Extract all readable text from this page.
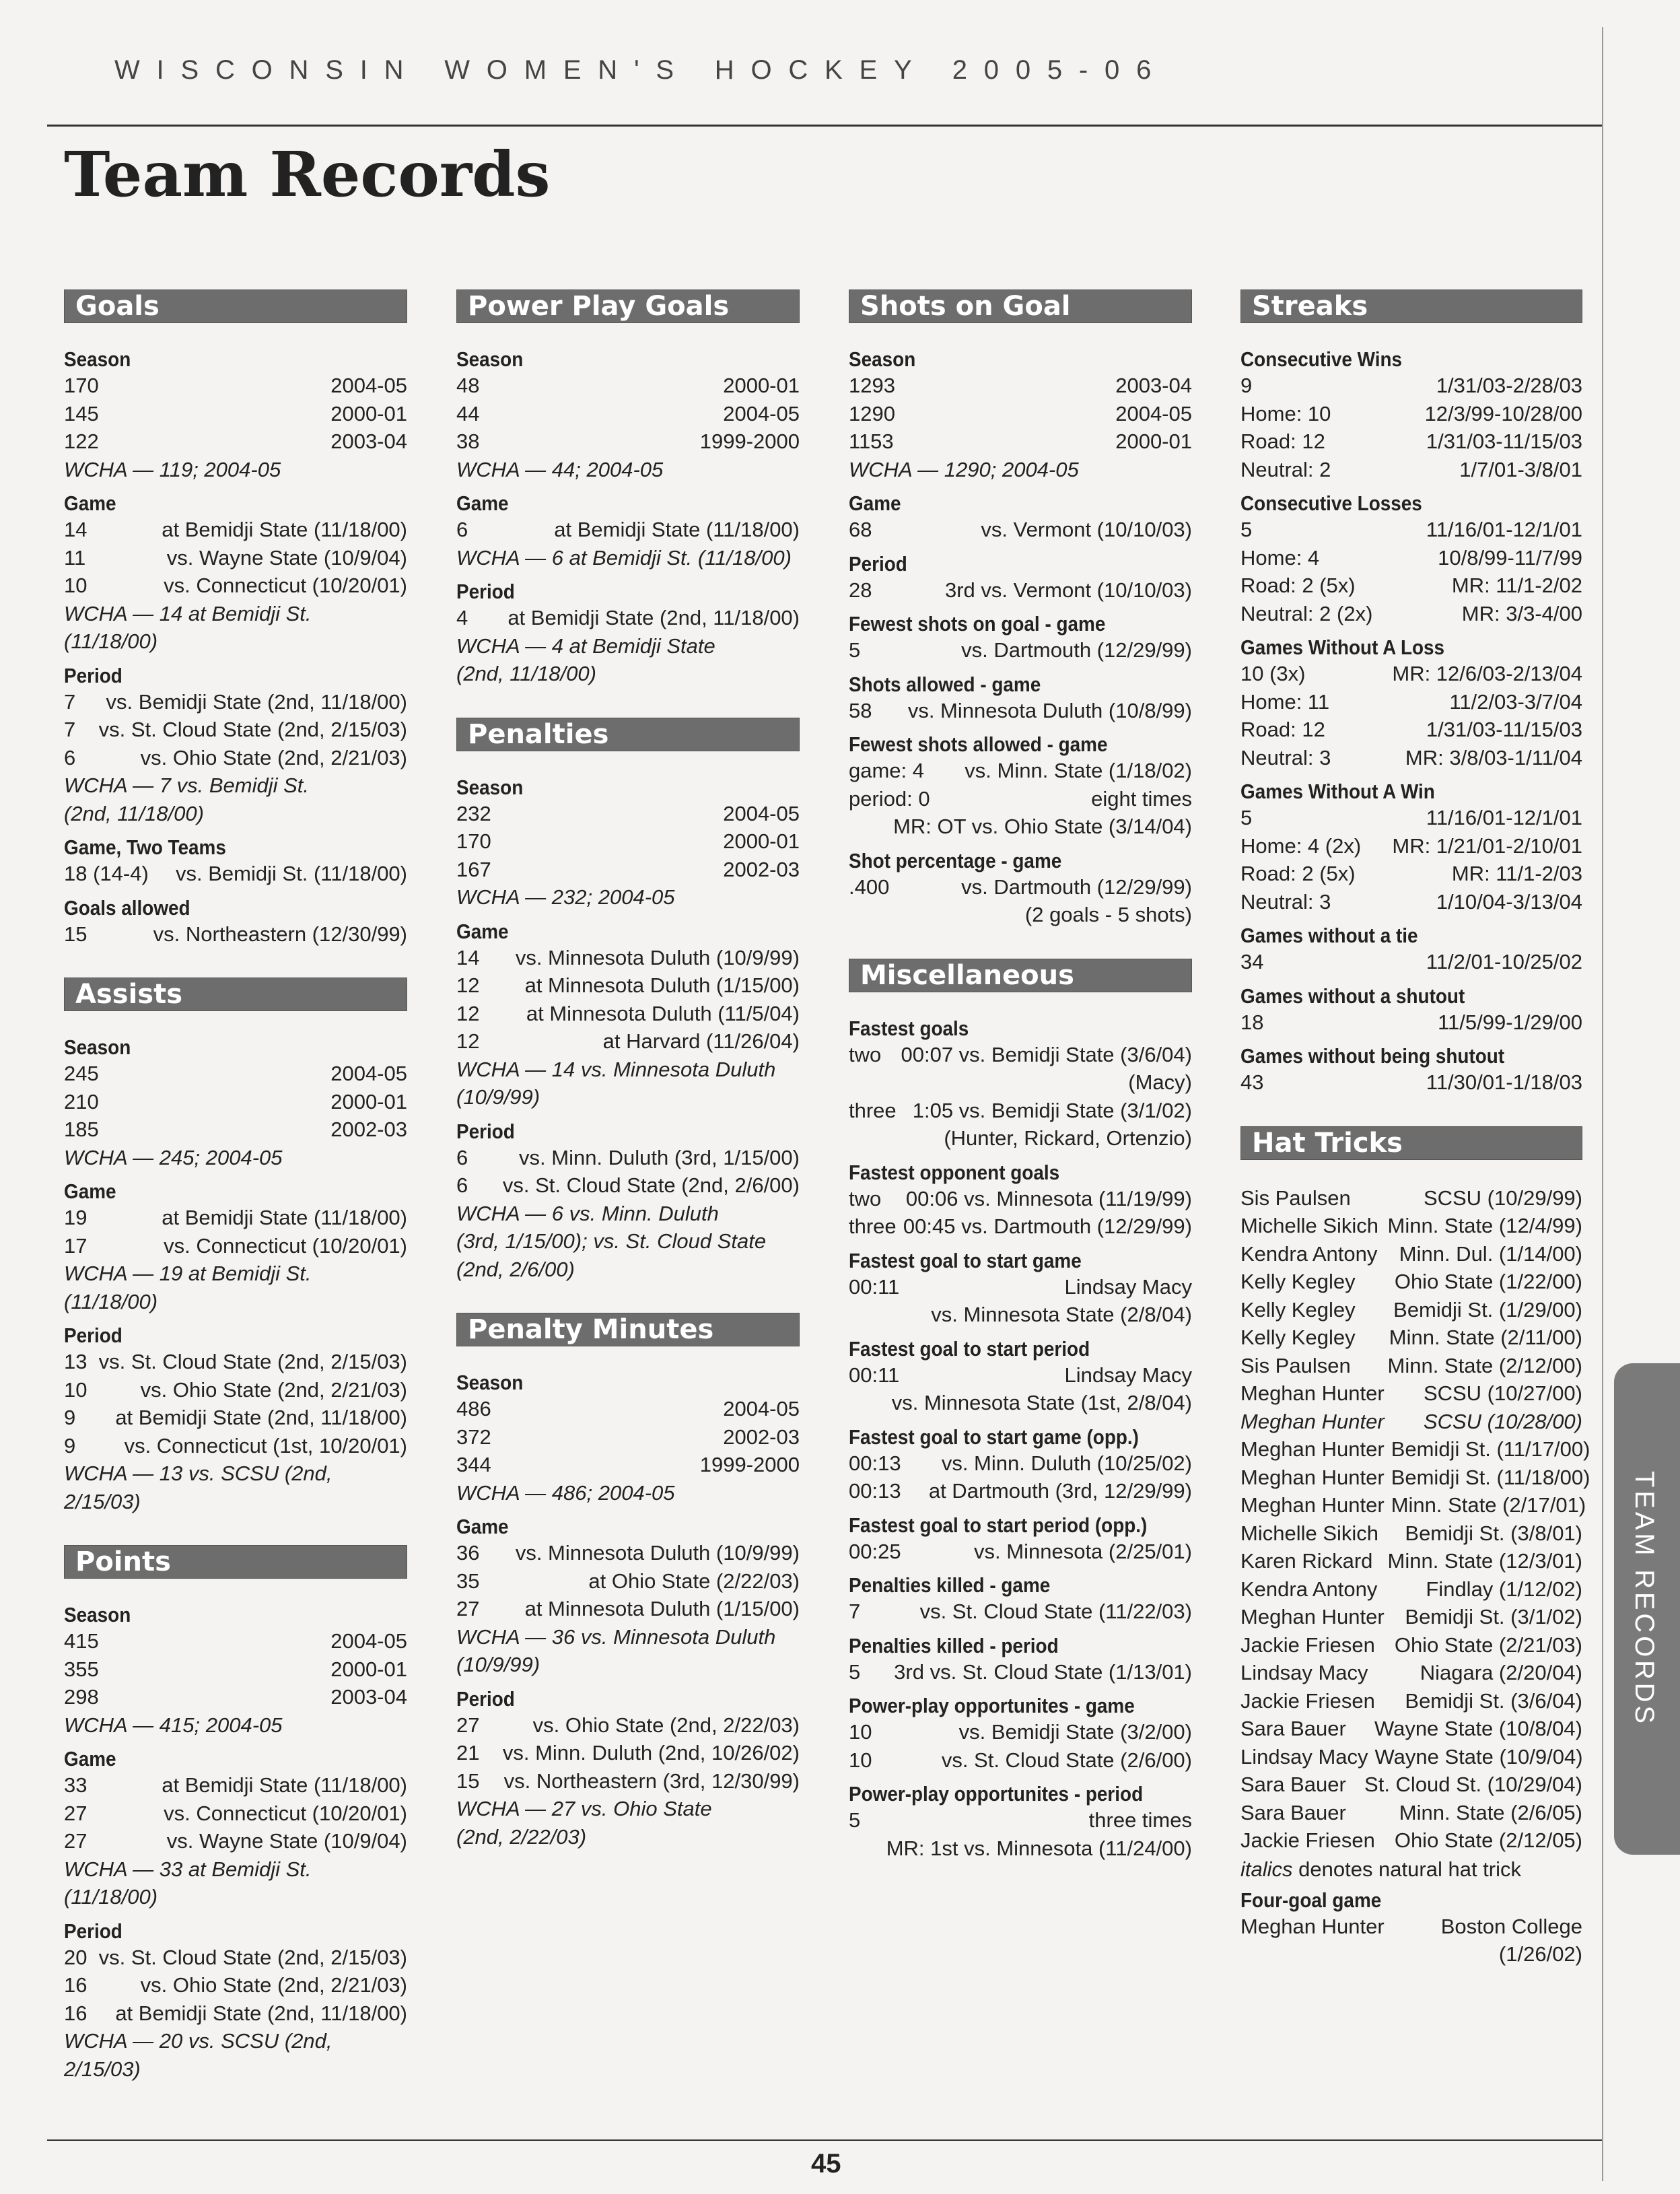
WISCONSIN WOMEN'S HOCKEY 2005-06
Team Records
Goals
Season
170	2004-05
145	2000-01
122	2003-04
WCHA — 119; 2004-05
Game
14	at Bemidji State (11/18/00)
11	vs. Wayne State (10/9/04)
10	vs. Connecticut (10/20/01)
WCHA — 14 at Bemidji St. (11/18/00)
Period
7 vs. Bemidji State (2nd, 11/18/00)
7 vs. St. Cloud State (2nd, 2/15/03)
6	vs. Ohio State (2nd, 2/21/03)
WCHA — 7 vs. Bemidji St.
(2nd, 11/18/00)
Game, Two Teams
18 (14-4) vs. Bemidji St. (11/18/00)
Goals allowed
15	vs. Northeastern (12/30/99)
Assists
Season
245	2004-05
210	2000-01
185	2002-03
WCHA — 245; 2004-05
Game
19	at Bemidji State (11/18/00)
17	vs. Connecticut (10/20/01)
WCHA — 19 at Bemidji St. (11/18/00)
Period
13 vs. St. Cloud State (2nd, 2/15/03)
10	vs. Ohio State (2nd, 2/21/03)
9 at Bemidji State (2nd, 11/18/00)
9 vs. Connecticut (1st, 10/20/01)
WCHA — 13 vs. SCSU (2nd, 2/15/03)
Points
Season
415	2004-05
355	2000-01
298	2003-04
WCHA — 415; 2004-05
Game
33	at Bemidji State (11/18/00)
27	vs. Connecticut (10/20/01)
27	vs. Wayne State (10/9/04)
WCHA — 33 at Bemidji St. (11/18/00)
Period
20 vs. St. Cloud State (2nd, 2/15/03)
16	vs. Ohio State (2nd, 2/21/03)
16 at Bemidji State (2nd, 11/18/00)
WCHA — 20 vs. SCSU (2nd, 2/15/03)
Power Play Goals
Season
48	2000-01
44	2004-05
38	1999-2000
WCHA — 44; 2004-05
Game
6	at Bemidji State (11/18/00)
WCHA — 6 at Bemidji St. (11/18/00)
Period
4 at Bemidji State (2nd, 11/18/00)
WCHA — 4 at Bemidji State
(2nd, 11/18/00)
Penalties
Season
232	2004-05
170	2000-01
167	2002-03
WCHA — 232; 2004-05
Game
14 vs. Minnesota Duluth (10/9/99)
12 at Minnesota Duluth (1/15/00)
12 at Minnesota Duluth (11/5/04)
12	at Harvard (11/26/04)
WCHA — 14 vs. Minnesota Duluth
(10/9/99)
Period
6 vs. Minn. Duluth (3rd, 1/15/00)
6 vs. St. Cloud State (2nd, 2/6/00)
WCHA — 6 vs. Minn. Duluth
(3rd, 1/15/00); vs. St. Cloud State
(2nd, 2/6/00)
Penalty Minutes
Season
486	2004-05
372	2002-03
344	1999-2000
WCHA — 486; 2004-05
Game
36 vs. Minnesota Duluth (10/9/99)
35	at Ohio State (2/22/03)
27 at Minnesota Duluth (1/15/00)
WCHA — 36 vs. Minnesota Duluth
(10/9/99)
Period
27	vs. Ohio State (2nd, 2/22/03)
21 vs. Minn. Duluth (2nd, 10/26/02)
15 vs. Northeastern (3rd, 12/30/99)
WCHA — 27 vs. Ohio State
(2nd, 2/22/03)
Shots on Goal
Season
1293	2003-04
1290	2004-05
1153	2000-01
WCHA — 1290; 2004-05
Game
68	vs. Vermont (10/10/03)
Period
28	3rd vs. Vermont (10/10/03)
Fewest shots on goal - game
5	vs. Dartmouth (12/29/99)
Shots allowed - game
58 vs. Minnesota Duluth (10/8/99)
Fewest shots allowed - game
game: 4 vs. Minn. State (1/18/02)
period: 0	eight times
MR: OT vs. Ohio State (3/14/04)
Shot percentage - game
.400	vs. Dartmouth (12/29/99)
(2 goals - 5 shots)
Miscellaneous
Fastest goals
two 00:07 vs. Bemidji State (3/6/04)
(Macy)
three 1:05 vs. Bemidji State (3/1/02)
(Hunter, Rickard, Ortenzio)
Fastest opponent goals
two 00:06 vs. Minnesota (11/19/99)
three 00:45 vs. Dartmouth (12/29/99)
Fastest goal to start game
00:11	Lindsay Macy
vs. Minnesota State (2/8/04)
Fastest goal to start period
00:11	Lindsay Macy
vs. Minnesota State (1st, 2/8/04)
Fastest goal to start game (opp.)
00:13 vs. Minn. Duluth (10/25/02)
00:13 at Dartmouth (3rd, 12/29/99)
Fastest goal to start period (opp.)
00:25	vs. Minnesota (2/25/01)
Penalties killed - game
7	vs. St. Cloud State (11/22/03)
Penalties killed - period
5 3rd vs. St. Cloud State (1/13/01)
Power-play opportunites - game
10	vs. Bemidji State (3/2/00)
10	vs. St. Cloud State (2/6/00)
Power-play opportunites - period
5	three times
MR: 1st vs. Minnesota (11/24/00)
Streaks
Consecutive Wins
9	1/31/03-2/28/03
Home: 10	12/3/99-10/28/00
Road: 12	1/31/03-11/15/03
Neutral: 2	1/7/01-3/8/01
Consecutive Losses
5	11/16/01-12/1/01
Home: 4	10/8/99-11/7/99
Road: 2 (5x)	MR: 11/1-2/02
Neutral: 2 (2x)	MR: 3/3-4/00
Games Without A Loss
10 (3x)	MR: 12/6/03-2/13/04
Home: 11	11/2/03-3/7/04
Road: 12	1/31/03-11/15/03
Neutral: 3	MR: 3/8/03-1/11/04
Games Without A Win
5	11/16/01-12/1/01
Home: 4 (2x) MR: 1/21/01-2/10/01
Road: 2 (5x)	MR: 11/1-2/03
Neutral: 3	1/10/04-3/13/04
Games without a tie
34	11/2/01-10/25/02
Games without a shutout
18	11/5/99-1/29/00
Games without being shutout
43	11/30/01-1/18/03
Hat Tricks
Sis Paulsen	SCSU (10/29/99)
Michelle Sikich Minn. State (12/4/99)
Kendra Antony Minn. Dul. (1/14/00)
Kelly Kegley Ohio State (1/22/00)
Kelly Kegley Bemidji St. (1/29/00)
Kelly Kegley Minn. State (2/11/00)
Sis Paulsen Minn. State (2/12/00)
Meghan Hunter SCSU (10/27/00)
Meghan Hunter SCSU (10/28/00)
Meghan Hunter Bemidji St. (11/17/00)
Meghan Hunter Bemidji St. (11/18/00)
Meghan Hunter Minn. State (2/17/01)
Michelle Sikich Bemidji St. (3/8/01)
Karen Rickard Minn. State (12/3/01)
Kendra Antony Findlay (1/12/02)
Meghan Hunter Bemidji St. (3/1/02)
Jackie Friesen Ohio State (2/21/03)
Lindsay Macy Niagara (2/20/04)
Jackie Friesen Bemidji St. (3/6/04)
Sara Bauer Wayne State (10/8/04)
Lindsay Macy Wayne State (10/9/04)
Sara Bauer St. Cloud St. (10/29/04)
Sara Bauer	Minn. State (2/6/05)
Jackie Friesen Ohio State (2/12/05)
italics denotes natural hat trick
Four-goal game
Meghan Hunter	Boston College
(1/26/02)
TEAM RECORDS
45
